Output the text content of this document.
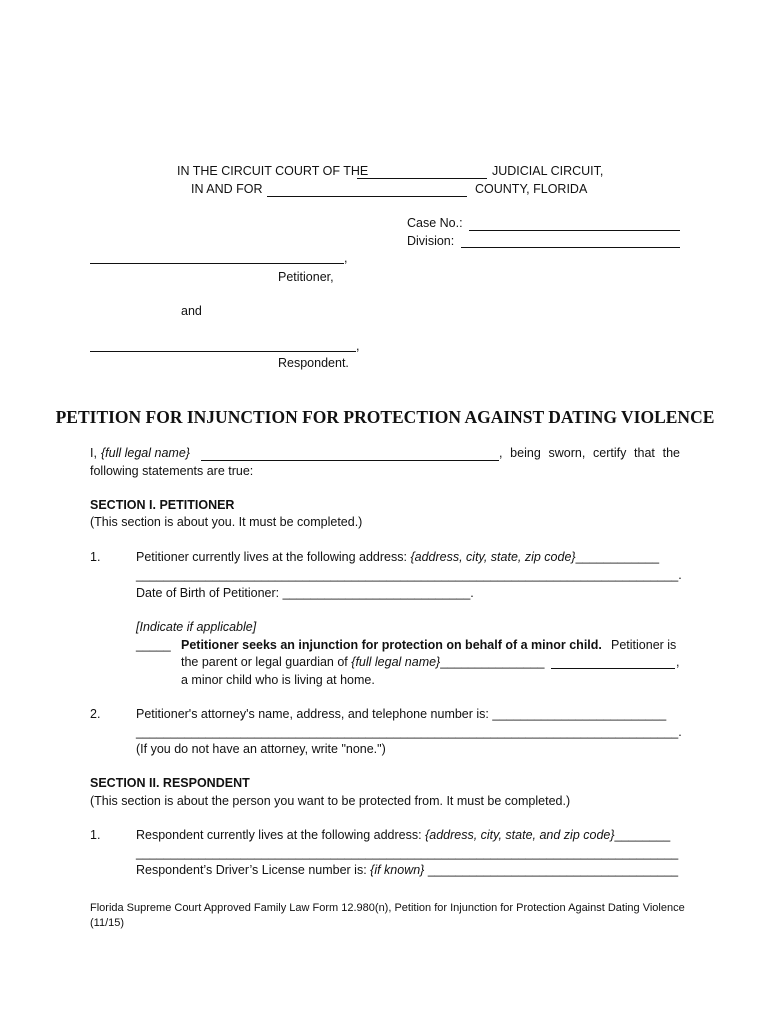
IN THE CIRCUIT COURT OF THE	JUDICIAL CIRCUIT,
IN AND FOR	COUNTY, FLORIDA
Case No.:
Division:
,
Petitioner,
and
,
Respondent.
PETITION FOR INJUNCTION FOR PROTECTION AGAINST DATING VIOLENCE
I, {full legal name}	, being sworn, certify that the
following statements are true:
SECTION I. PETITIONER
(This section is about you. It must be completed.)
1.	Petitioner currently lives at the following address: {address, city, state, zip code}____________
______________________________________________________________________________.
Date of Birth of Petitioner: ___________________________.
[Indicate if applicable]
_____ Petitioner seeks an injunction for protection on behalf of a minor child. Petitioner is
the parent or legal guardian of {full legal name}_______________	,
a minor child who is living at home.
2.	Petitioner's attorney's name, address, and telephone number is: _________________________
______________________________________________________________________________.
(If you do not have an attorney, write "none.")
SECTION II. RESPONDENT
(This section is about the person you want to be protected from. It must be completed.)
1.	Respondent currently lives at the following address: {address, city, state, and zip code}________
______________________________________________________________________________
Respondent’s Driver’s License number is: {if known} ____________________________________
Florida Supreme Court Approved Family Law Form 12.980(n), Petition for Injunction for Protection Against Dating Violence (11/15)
